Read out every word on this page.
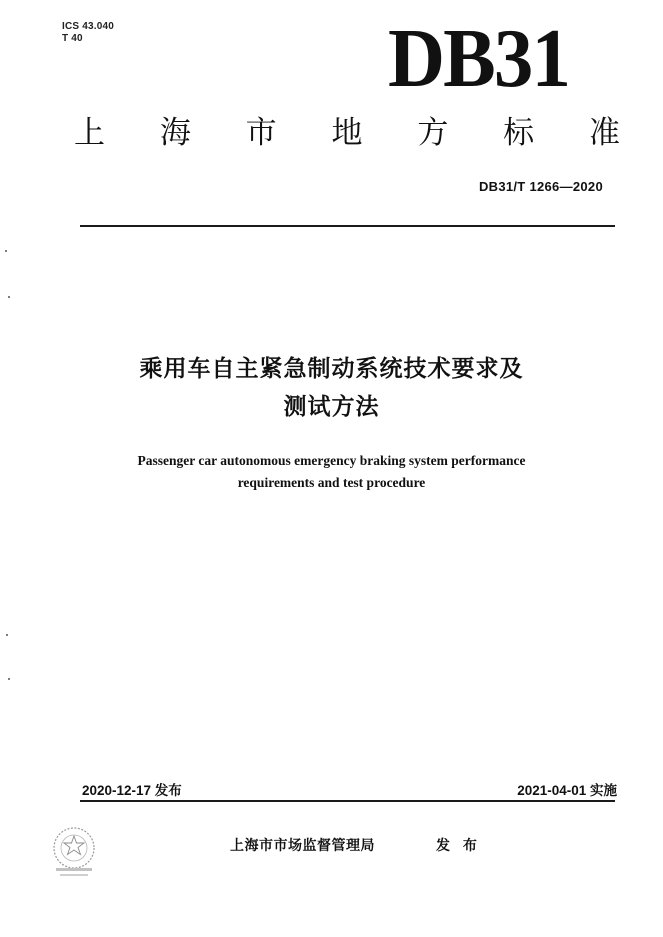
ICS 43.040
T 40	DB31
上 海 市 地 方 标 准
DB31/T 1266—2020
乘用车自主紧急制动系统技术要求及
测试方法
Passenger car autonomous emergency braking system performance
requirements and test procedure
2020-12-17 发布	2021-04-01 实施
上海市市场监督管理局	发 布
